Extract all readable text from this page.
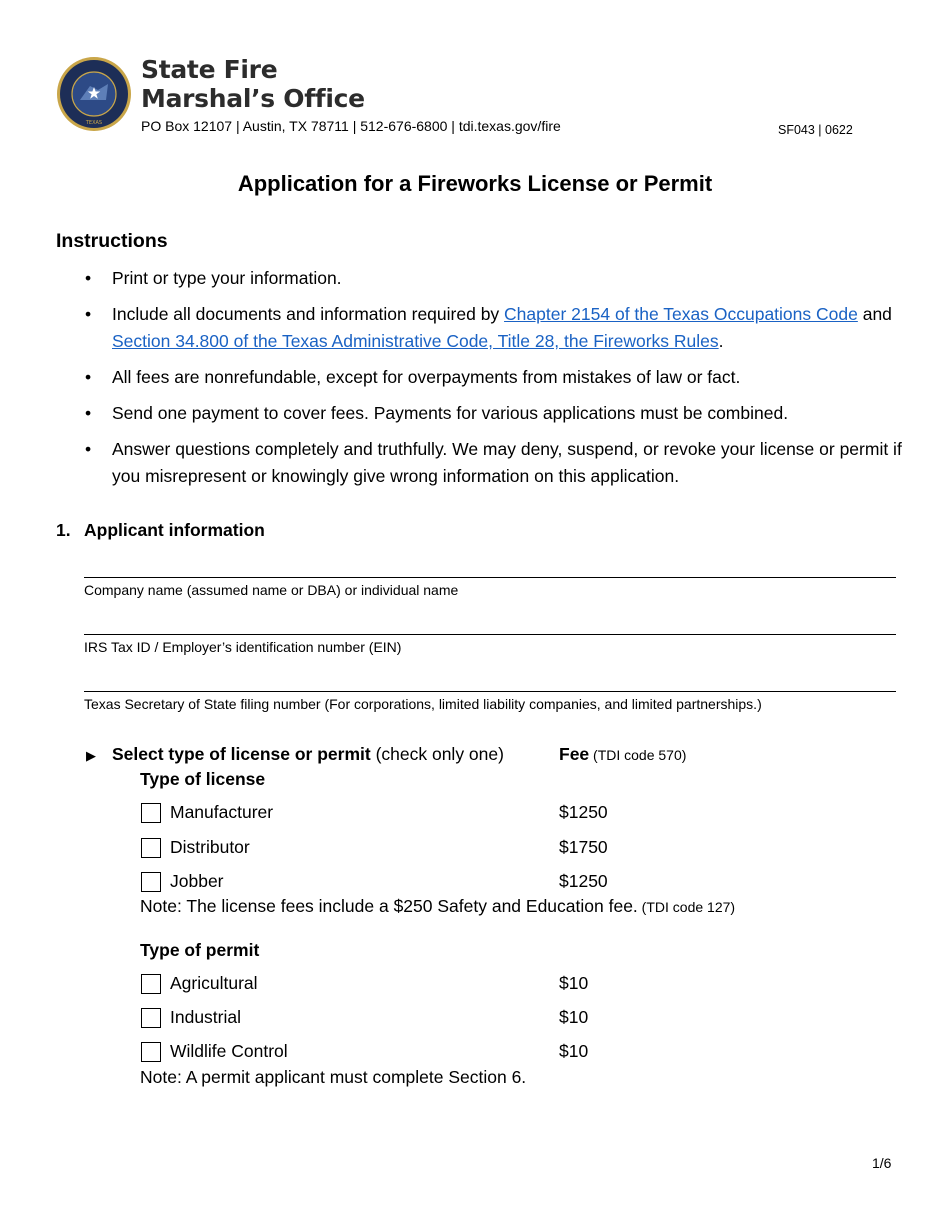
TEXAS
State Fire
Marshal’s Office
PO Box 12107 | Austin, TX 78711 | 512-676-6800 | tdi.texas.gov/fire	SF043 | 0622
Application for a Fireworks License or Permit
Instructions
• Print or type your information.
• Include all documents and information required by Chapter 2154 of the Texas Occupations Code and Section 34.800 of the Texas Administrative Code, Title 28, the Fireworks Rules.
• All fees are nonrefundable, except for overpayments from mistakes of law or fact.
• Send one payment to cover fees. Payments for various applications must be combined.
• Answer questions completely and truthfully. We may deny, suspend, or revoke your license or permit if you misrepresent or knowingly give wrong information on this application.
1. Applicant information
Company name (assumed name or DBA) or individual name
IRS Tax ID / Employer’s identification number (EIN)
Texas Secretary of State filing number (For corporations, limited liability companies, and limited partnerships.)
▶ Select type of license or permit (check only one)	Fee (TDI code 570)
Type of license
Manufacturer	$1250
Distributor	$1750
Jobber	$1250
Note: The license fees include a $250 Safety and Education fee. (TDI code 127)
Type of permit
Agricultural	$10
Industrial	$10
Wildlife Control	$10
Note: A permit applicant must complete Section 6.
1/6
